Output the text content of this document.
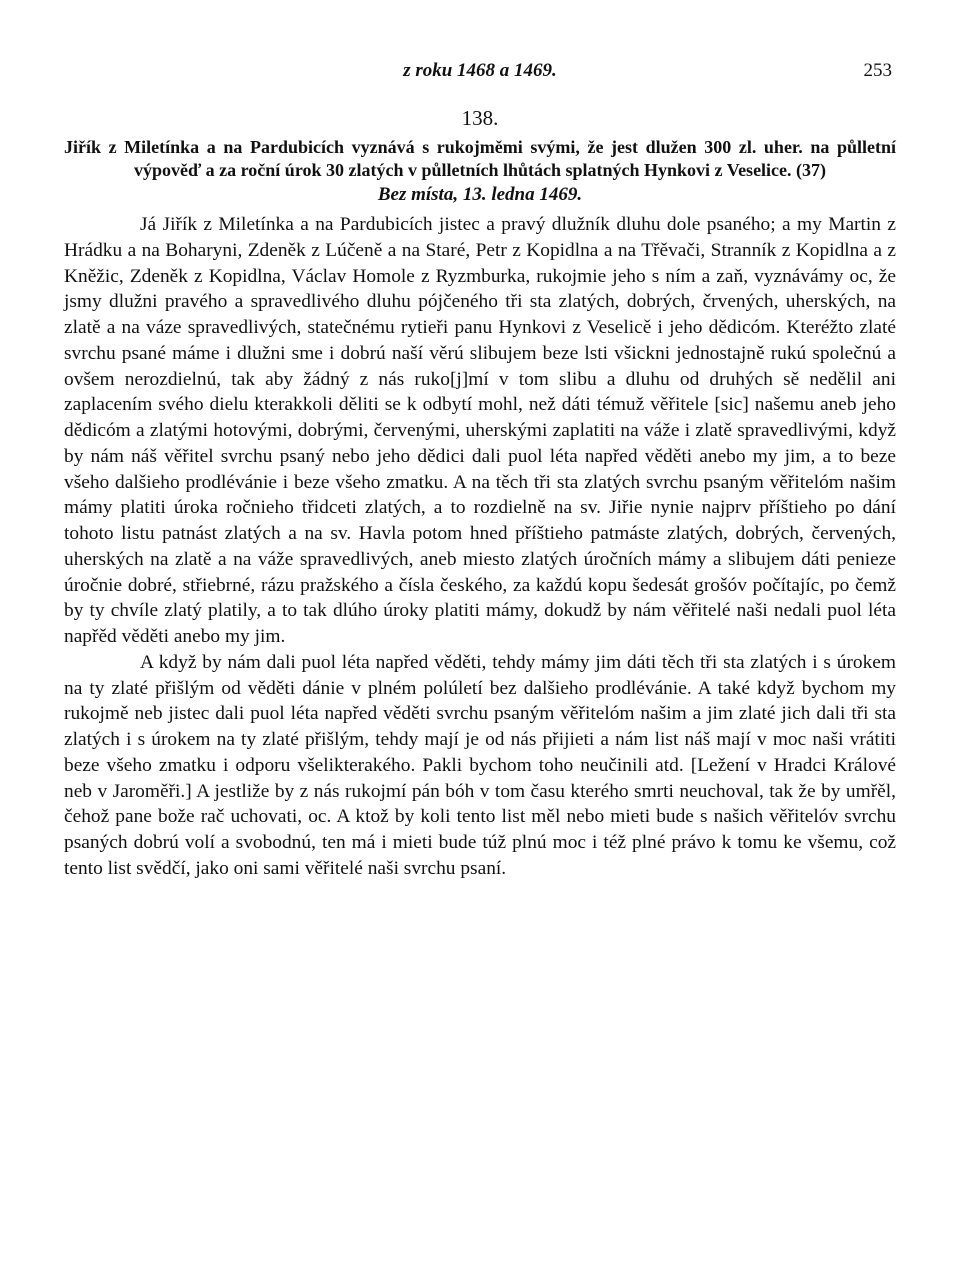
z roku 1468 a 1469.	253
138.
Jiřík z Miletínka a na Pardubicích vyznává s rukojměmi svými, že jest dlužen 300 zl. uher. na půlletní výpověď a za roční úrok 30 zlatých v půlletních lhůtách splatných Hynkovi z Veselice. (37)
Bez místa, 13. ledna 1469.

Já Jiřík z Miletínka a na Pardubicích jistec a pravý dlužník dluhu dole psaného; a my Martin z Hrádku a na Boharyni, Zdeněk z Lúčeně a na Staré, Petr z Kopidlna a na Třěvači, Stranník z Kopidlna a z Kněžic, Zdeněk z Kopidlna, Václav Homole z Ryzmburka, rukojmie jeho s ním a zaň, vyznávámy oc, že jsmy dlužni pravého a spravedlivého dluhu pójčeného tři sta zlatých, dobrých, črvených, uherských, na zlatě a na váze spravedlivých, statečnému rytieři panu Hynkovi z Veselicě i jeho dědicóm. Kteréžto zlaté svrchu psané máme i dlužni sme i dobrú naší věrú slibujem beze lsti všickni jednostajně rukú společnú a ovšem nerozdielnú, tak aby žádný z nás ruko[j]mí v tom slibu a dluhu od druhých sě nedělil ani zaplacením svého dielu kterakkoli děliti se k odbytí mohl, než dáti témuž věřitele [sic] našemu aneb jeho dědicóm a zlatými hotovými, dobrými, červenými, uherskými zaplatiti na váže i zlatě spravedlivými, když by nám náš věřitel svrchu psaný nebo jeho dědici dali puol léta napřed věděti anebo my jim, a to beze všeho dalšieho prodlévánie i beze všeho zmatku. A na těch tři sta zlatých svrchu psaným věřitelóm našim mámy platiti úroka ročnieho třidceti zlatých, a to rozdielně na sv. Jiřie nynie najprv příštieho po dání tohoto listu patnást zlatých a na sv. Havla potom hned příštieho patmáste zlatých, dobrých, červených, uherských na zlatě a na váže spravedlivých, aneb miesto zlatých úročních mámy a slibujem dáti penieze úročnie dobré, střiebrné, rázu pražského a čísla českého, za každú kopu šedesát grošóv počítajíc, po čemž by ty chvíle zlatý platily, a to tak dlúho úroky platiti mámy, dokudž by nám věřitelé naši nedali puol léta napřěd věděti anebo my jim.

A když by nám dali puol léta napřed věděti, tehdy mámy jim dáti těch tři sta zlatých i s úrokem na ty zlaté přišlým od věděti dánie v plném polúletí bez dalšieho prodlévánie. A také když bychom my rukojmě neb jistec dali puol léta napřed věděti svrchu psaným věřitelóm našim a jim zlaté jich dali tři sta zlatých i s úrokem na ty zlaté přišlým, tehdy mají je od nás přijieti a nám list náš mají v moc naši vrátiti beze všeho zmatku i odporu všelikterakého. Pakli bychom toho neučinili atd. [Ležení v Hradci Králové neb v Jaroměři.] A jestliže by z nás rukojmí pán bóh v tom času kterého smrti neuchoval, tak že by umřěl, čehož pane bože rač uchovati, oc. A ktož by koli tento list měl nebo mieti bude s našich věřitelóv svrchu psaných dobrú volí a svobodnú, ten má i mieti bude túž plnú moc i též plné právo k tomu ke všemu, což tento list svědčí, jako oni sami věřitelé naši svrchu psaní.
